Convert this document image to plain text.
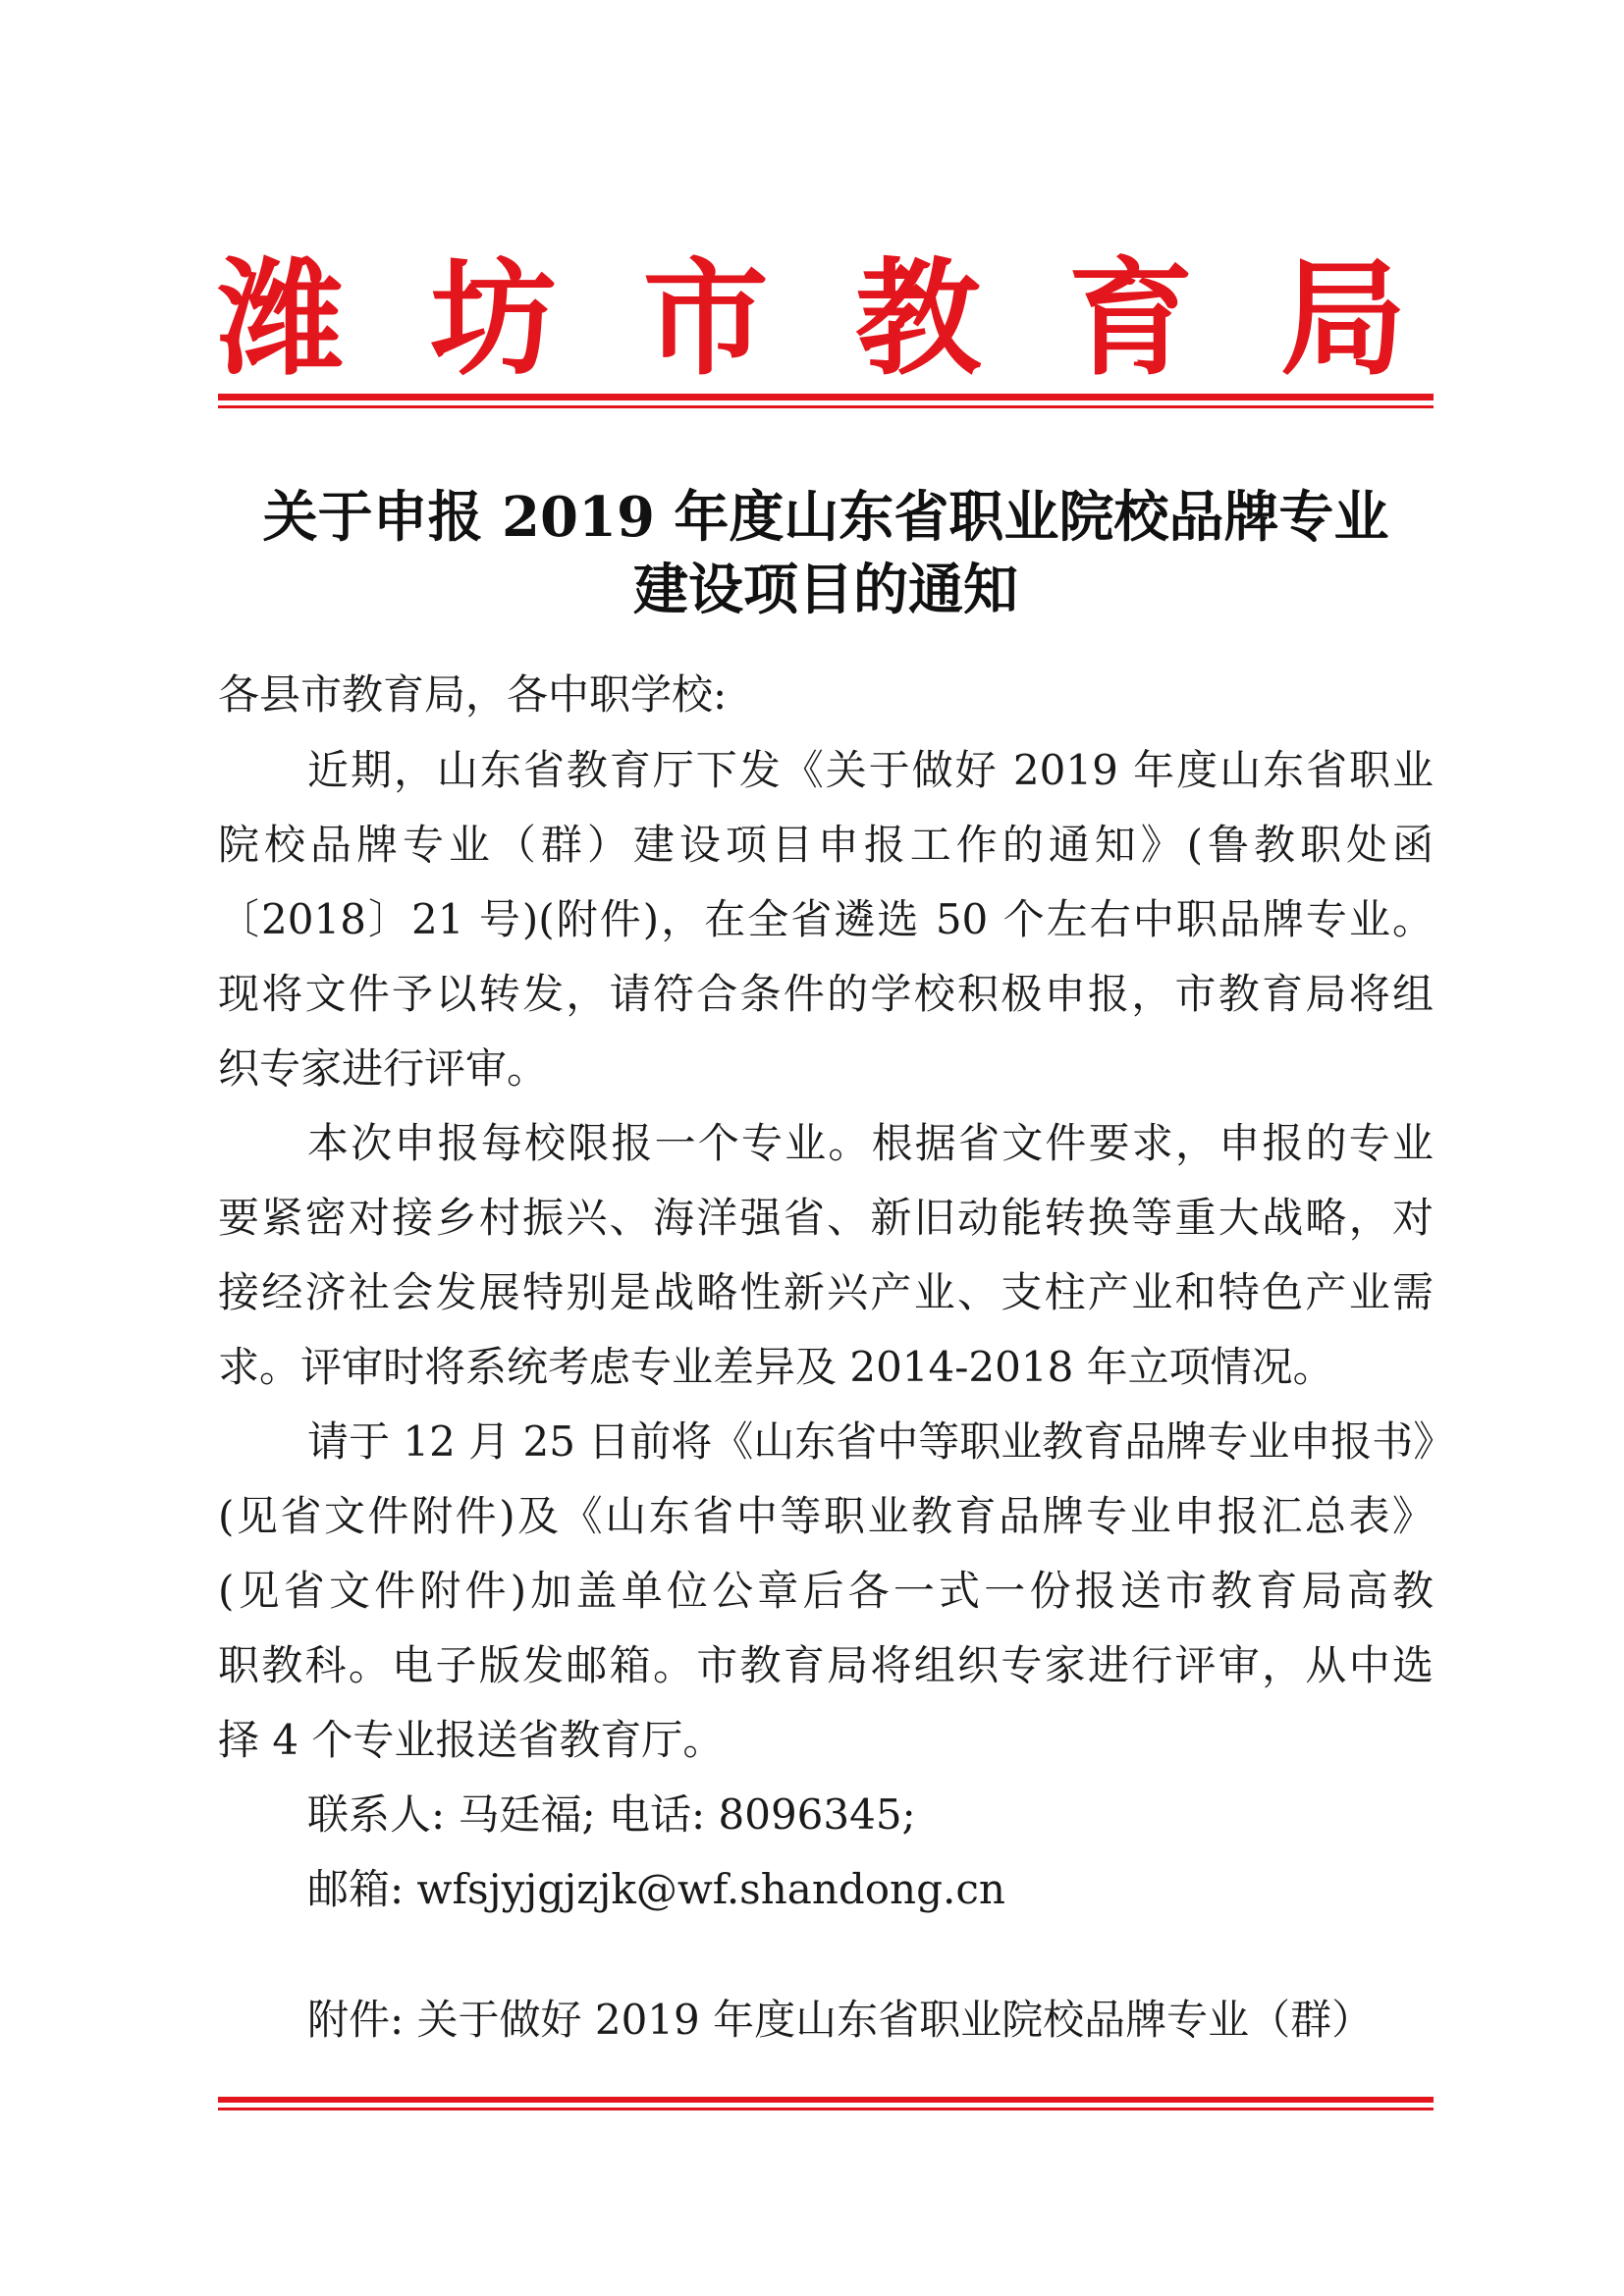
潍 坊 市 教 育 局
关于申报 2019 年度山东省职业院校品牌专业
建设项目的通知
各县市教育局，各中职学校:
近期，山东省教育厅下发《关于做好 2019 年度山东省职业
院校品牌专业（群）建设项目申报工作的通知》(鲁教职处函
〔2018〕21 号)(附件)，在全省遴选 50 个左右中职品牌专业。
现将文件予以转发，请符合条件的学校积极申报，市教育局将组
织专家进行评审。
本次申报每校限报一个专业。根据省文件要求，申报的专业
要紧密对接乡村振兴、海洋强省、新旧动能转换等重大战略，对
接经济社会发展特别是战略性新兴产业、支柱产业和特色产业需
求。评审时将系统考虑专业差异及 2014-2018 年立项情况。
请于 12 月 25 日前将《山东省中等职业教育品牌专业申报书》
(见省文件附件)及《山东省中等职业教育品牌专业申报汇总表》
(见省文件附件)加盖单位公章后各一式一份报送市教育局高教
职教科。电子版发邮箱。市教育局将组织专家进行评审，从中选
择 4 个专业报送省教育厅。
联系人: 马廷福; 电话: 8096345;
邮箱: wfsjyjgjzjk@wf.shandong.cn
附件: 关于做好 2019 年度山东省职业院校品牌专业（群）
